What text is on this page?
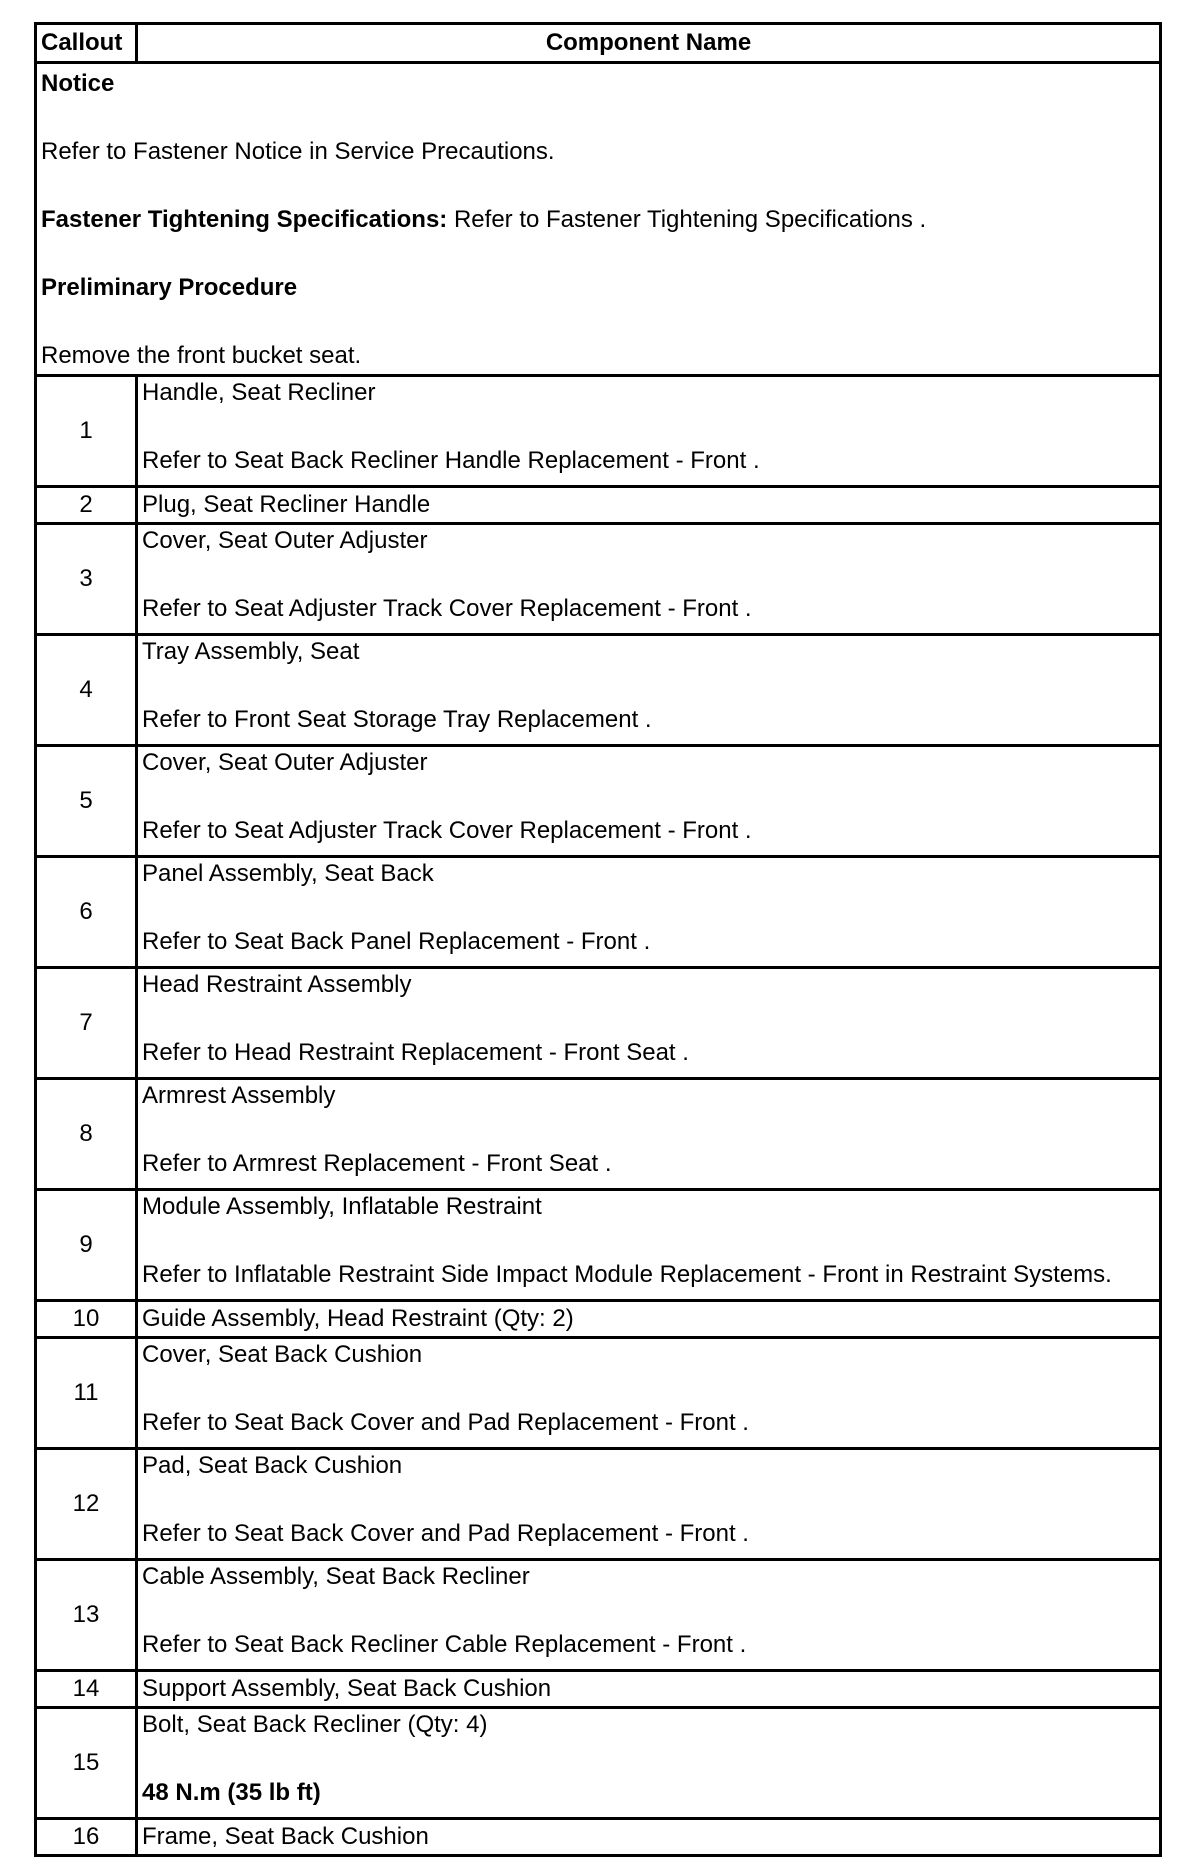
Callout	Component Name

Notice
Refer to Fastener Notice in Service Precautions.
Fastener Tightening Specifications: Refer to Fastener Tightening Specifications .
Preliminary Procedure
Remove the front bucket seat.	

1	Handle, Seat Recliner
Refer to Seat Back Recliner Handle Replacement - Front .

2	Plug, Seat Recliner Handle

3	Cover, Seat Outer Adjuster
Refer to Seat Adjuster Track Cover Replacement - Front .

4	Tray Assembly, Seat
Refer to Front Seat Storage Tray Replacement .

5	Cover, Seat Outer Adjuster
Refer to Seat Adjuster Track Cover Replacement - Front .

6	Panel Assembly, Seat Back
Refer to Seat Back Panel Replacement - Front .

7	Head Restraint Assembly
Refer to Head Restraint Replacement - Front Seat .

8	Armrest Assembly
Refer to Armrest Replacement - Front Seat .

9	Module Assembly, Inflatable Restraint
Refer to Inflatable Restraint Side Impact Module Replacement - Front in Restraint Systems.

10	Guide Assembly, Head Restraint (Qty: 2)

11	Cover, Seat Back Cushion
Refer to Seat Back Cover and Pad Replacement - Front .

12	Pad, Seat Back Cushion
Refer to Seat Back Cover and Pad Replacement - Front .

13	Cable Assembly, Seat Back Recliner
Refer to Seat Back Recliner Cable Replacement - Front .

14	Support Assembly, Seat Back Cushion

15	Bolt, Seat Back Recliner (Qty: 4)
48 N.m (35 lb ft)

16	Frame, Seat Back Cushion
